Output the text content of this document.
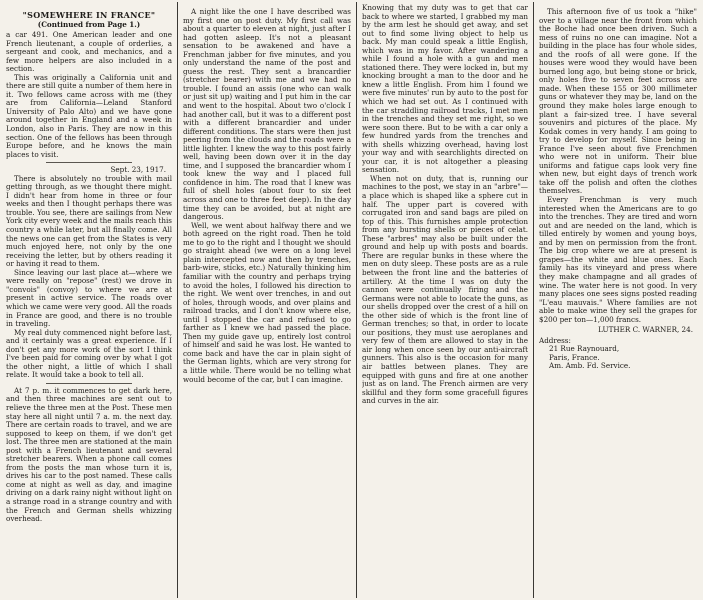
"SOMEWHERE IN FRANCE"
(Continued from Page 1.)

a car 491. One American leader and one French lieutenant, a couple of orderlies, a sergeant and cook, and mechanics, and a few more helpers are also included in a section.

This was originally a California unit and there are still quite a number of them here in it. Two fellows came across with me (they are from California—Leland Stanford University of Palo Alto) and we have gone around together in England and a week in London, also in Paris. They are now in this section. One of the fellows has been through Europe before, and he knows the main places to visit.

Sept. 23, 1917.

There is absolutely no trouble with mail getting through, as we thought there might. I didn't hear from home in three or four weeks and then I thought perhaps there was trouble. You see, there are sailings from New York city every week and the mails reach this country a while later, but all finally come. All the news one can get from the States is very much enjoyed here, not only by the one receiving the letter, but by others reading it or having it read to them.

Since leaving our last place at—where we were really on "repose" (rest) we drove in "convois" (convoy) to where we are at present in active service. The roads over which we came were very good. All the roads in France are good, and there is no trouble in traveling.

My real duty commenced night before last, and it certainly was a great experience. If I don't get any more work of the sort I think I've been paid for coming over by what I got the other night, a little of which I shall relate. It would take a book to tell all.

At 7 p. m. it commences to get dark here, and then three machines are sent out to relieve the three men at the Post. These men stay here all night until 7 a. m. the next day. There are certain roads to travel, and we are supposed to keep on them, if we don't get lost. The three men are stationed at the main post with a French lieutenant and several stretcher bearers. When a phone call comes from the posts the man whose turn it is, drives his car to the post named. These calls come at night as well as day, and imagine driving on a dark rainy night without light on a strange road in a strange country and with the French and German shells whizzing overhead.

A night like the one I have described was my first one on post duty. My first call was about a quarter to eleven at night, just after I had gotten asleep. It's not a pleasant sensation to be awakened and have a Frenchman jabber for five minutes, and you only understand the name of the post and guess the rest. They sent a brancardier (stretcher bearer) with me and we had no trouble. I found an assis (one who can walk or just sit up) waiting and I put him in the car and went to the hospital. About two o'clock I had another call, but it was to a different post with a different brancardier and under different conditions. The stars were then just peering from the clouds and the roads were a little lighter. I knew the way to this post fairly well, having been down over it in the day time, and I supposed the brancardier whom I took knew the way and I placed full confidence in him. The road that I knew was full of shell holes (about four to six feet across and one to three feet deep). In the day time they can be avoided, but at night are dangerous.

Well, we went about halfway there and we both agreed on the right road. Then he told me to go to the right and I thought we should go straight ahead (we were on a long level plain intercepted now and then by trenches, barb-wire, sticks, etc.) Naturally thinking him familiar with the country and perhaps trying to avoid the holes, I followed his direction to the right. We went over trenches, in and out of holes, through woods, and over plains and railroad tracks, and I don't know where else, until I stopped the car and refused to go farther as I knew we had passed the place. Then my guide gave up, entirely lost control of himself and said he was lost. He wanted to come back and have the car in plain sight of the German lights, which are very strong for a little while. There would be no telling what would become of the car, but I can imagine.

Knowing that my duty was to get that car back to where we started, I grabbed my man by the arm lest he should get away, and set out to find some living object to help us back. My man could speak a little English, which was in my favor. After wandering a while I found a hole with a gun and men stationed there. They were locked in, but my knocking brought a man to the door and he knew a little English. From him I found we were five minutes' run by auto to the post for which we had set out. As I continued with the car straddling railroad tracks, I met men in the trenches and they set me right, so we were soon there. But to be with a car only a few hundred yards from the trenches and with shells whizzing overhead, having lost your way and with searchlights directed on your car, it is not altogether a pleasing sensation.

When not on duty, that is, running our machines to the post, we stay in an "arbre"—a place which is shaped like a sphere cut in half. The upper part is covered with corrugated iron and sand bags are piled on top of this. This furnishes ample protection from any bursting shells or pieces of celat. These "arbres" may also be built under the ground and help up with posts and boards. There are regular bunks in these where the men on duty sleep. These posts are as a rule between the front line and the batteries of artillery. At the time I was on duty the cannon were continually firing and the Germans were not able to locate the guns, as our shells dropped over the crest of a hill on the other side of which is the front line of German trenches; so that, in order to locate our positions, they must use aeroplanes and very few of them are allowed to stay in the air long when once seen by our anti-aircraft gunners. This also is the occasion for many air battles between planes. They are equipped with guns and fire at one another just as on land. The French airmen are very skillful and they form some gracefull figures and curves in the air.

This afternoon five of us took a "hike" over to a village near the front from which the Boche had once been driven. Such a mess of ruins no one can imagine. Not a building in the place has four whole sides, and the roofs of all were gone. If the houses were wood they would have been burned long ago, but being stone or brick, only holes five to seven feet across are made. When these 155 or 300 millimeter guns or whatever they may be, land on the ground they make holes large enough to plant a fair-sized tree. I have several souvenirs and pictures of the place. My Kodak comes in very handy. I am going to try to develop for myself. Since being in France I've seen about five Frenchmen who were not in uniform. Their blue uniforms and fatigue caps look very fine when new, but eight days of trench work take off the polish and often the clothes themselves.

Every Frenchman is very much interested when the Americans are to go into the trenches. They are tired and worn out and are needed on the land, which is tilled entirely by women and young boys, and by men on permission from the front. The big crop where we are at present is grapes—the white and blue ones. Each family has its vineyard and press where they make champagne and all grades of wine. The water here is not good. In very many places one sees signs posted reading "L'eau mauvais." Where families are not able to make wine they sell the grapes for $200 per ton—1,000 francs.

LUTHER C. WARNER, 24.

Address:

21 Rue Raynouard,

Paris, France.

Am. Amb. Fd. Service.
